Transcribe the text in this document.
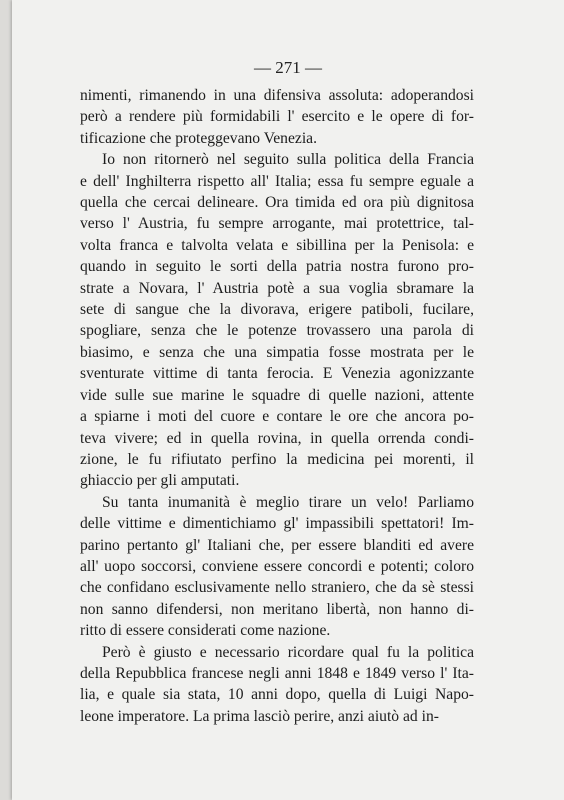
— 271 —
nimenti, rimanendo in una difensiva assoluta: adoperandosi
però a rendere più formidabili l' esercito e le opere di for-
tificazione che proteggevano Venezia.
Io non ritornerò nel seguito sulla politica della Francia
e dell' Inghilterra rispetto all' Italia; essa fu sempre eguale a
quella che cercai delineare. Ora timida ed ora più dignitosa
verso l' Austria, fu sempre arrogante, mai protettrice, tal-
volta franca e talvolta velata e sibillina per la Penisola: e
quando in seguito le sorti della patria nostra furono pro-
strate a Novara, l' Austria potè a sua voglia sbramare la
sete di sangue che la divorava, erigere patiboli, fucilare,
spogliare, senza che le potenze trovassero una parola di
biasimo, e senza che una simpatia fosse mostrata per le
sventurate vittime di tanta ferocia. E Venezia agonizzante
vide sulle sue marine le squadre di quelle nazioni, attente
a spiarne i moti del cuore e contare le ore che ancora po-
teva vivere; ed in quella rovina, in quella orrenda condi-
zione, le fu rifiutato perfino la medicina pei morenti, il
ghiaccio per gli amputati.
Su tanta inumanità è meglio tirare un velo! Parliamo
delle vittime e dimentichiamo gl' impassibili spettatori! Im-
parino pertanto gl' Italiani che, per essere blanditi ed avere
all' uopo soccorsi, conviene essere concordi e potenti; coloro
che confidano esclusivamente nello straniero, che da sè stessi
non sanno difendersi, non meritano libertà, non hanno di-
ritto di essere considerati come nazione.
Però è giusto e necessario ricordare qual fu la politica
della Repubblica francese negli anni 1848 e 1849 verso l' Ita-
lia, e quale sia stata, 10 anni dopo, quella di Luigi Napo-
leone imperatore. La prima lasciò perire, anzi aiutò ad in-
